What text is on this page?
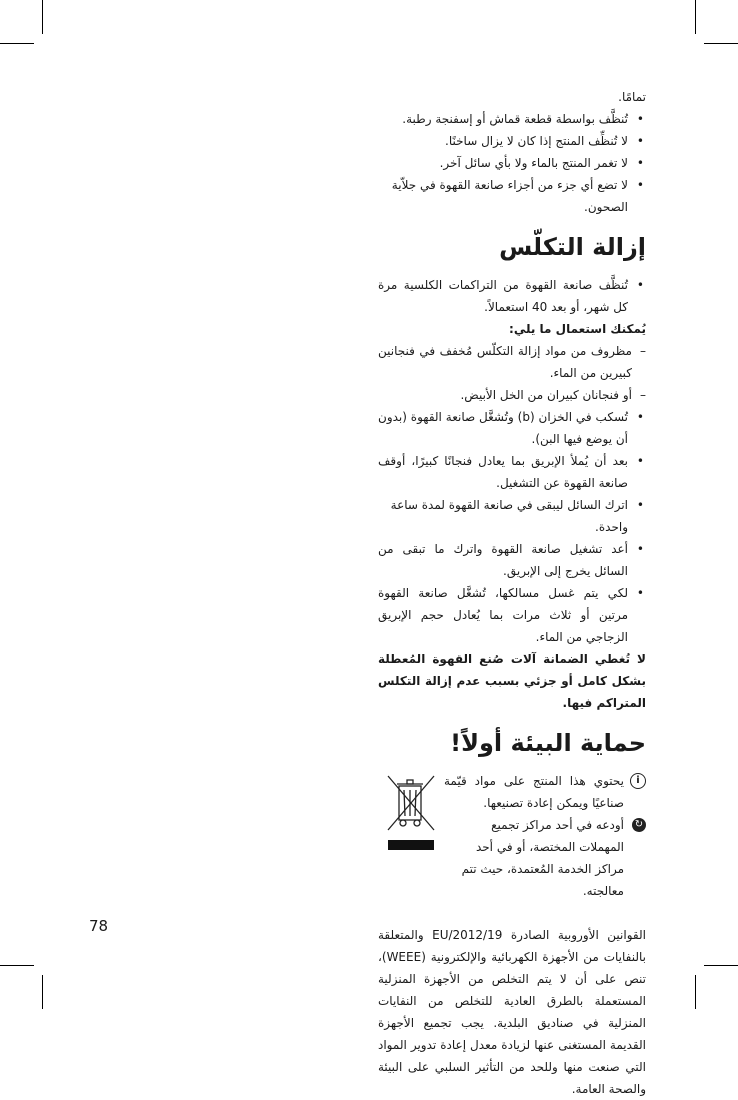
تمامًا.

• تُنظَّف بواسطة قطعة قماش أو إسفنجة رطبة.

• لا تُنظِّف المنتج إذا كان لا يزال ساخنًا.

• لا تغمر المنتج بالماء ولا بأي سائل آخر.

• لا تضع أي جزء من أجزاء صانعة القهوة في جلاّية الصحون.

إزالة التكلّس

• تُنظَّف صانعة القهوة من التراكمات الكلسية مرة كل شهر، أو بعد 40 استعمالاً.

يُمكنك استعمال ما يلي:

– مظروف من مواد إزالة التكلّس مُخفف في فنجانين كبيرين من الماء.

– أو فنجانان كبيران من الخل الأبيض.

• تُسكب في الخزان (b) وتُشغَّل صانعة القهوة (بدون أن يوضع فيها البن).

• بعد أن يُملأ الإبريق بما يعادل فنجانًا كبيرًا، أوقف صانعة القهوة عن التشغيل.

• اترك السائل ليبقى في صانعة القهوة لمدة ساعة واحدة.

• أعد تشغيل صانعة القهوة واترك ما تبقى من السائل يخرج إلى الإبريق.

• لكي يتم غسل مسالكها، تُشغَّل صانعة القهوة مرتين أو ثلاث مرات بما يُعادل حجم الإبريق الزجاجي من الماء.

لا تُغطي الضمانة آلات صُنع القهوة المُعطلة بشكل كامل أو جزئي بسبب عدم إزالة التكلس المتراكم فيها.

حماية البيئة أولاً!
i
يحتوي هذا المنتج على مواد قيّمة صناعيًا ويمكن إعادة تصنيعها.
↻
أودعه في أحد مراكز تجميع المهملات المختصة، أو في أحد مراكز الخدمة المُعتمدة، حيث تتم معالجته.

القوانين الأوروبية الصادرة EU/2012/19 والمتعلقة بالنفايات من الأجهزة الكهربائية والإلكترونية (WEEE)، تنص على أن لا يتم التخلص من الأجهزة المنزلية المستعملة بالطرق العادية للتخلص من النفايات المنزلية في صناديق البلدية. يجب تجميع الأجهزة القديمة المستغنى عنها لزيادة معدل إعادة تدوير المواد التي صنعت منها وللحد من التأثير السلبي على البيئة والصحة العامة.

78
